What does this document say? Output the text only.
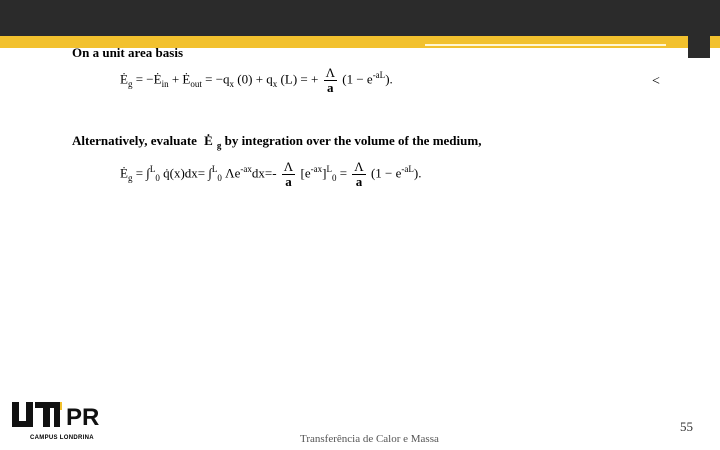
On a unit area basis
$Ė_g$ = $-Ė_{in}$ + $Ė_{out} = -q_x$ $(0) + q_x$ (L) = + $\frac{\Lambda}{a} (1 - e^{-aL})$.	<
Alternatively, evaluate Ė $_g$ by integration over the volume of the medium,
$Ė_g = \int^L_0$ q̇(x)dx= ∫$^L_0$ $\Lambda e^{-ax}dx=- \frac{\Lambda}{a} [e^{-ax}]^L_0 = \frac{\Lambda}{a} (1 - e^{-aL})$.
PR
CAMPUS LONDRINA	Transferência de Calor e Massa
55
